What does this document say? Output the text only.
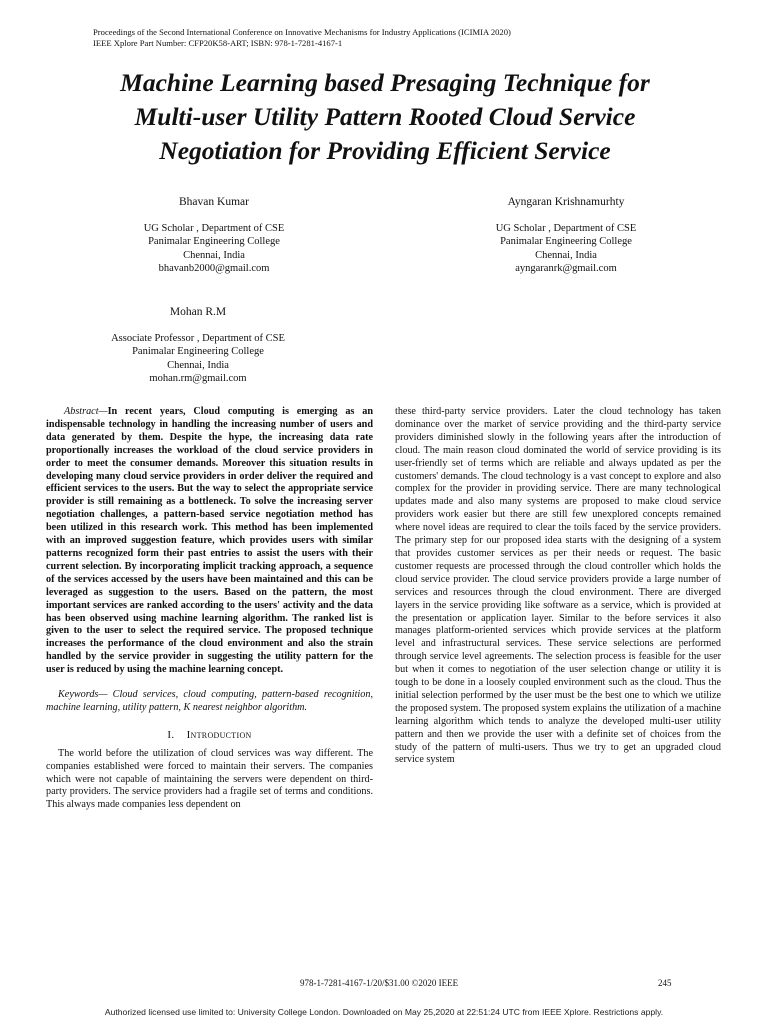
Proceedings of the Second International Conference on Innovative Mechanisms for Industry Applications (ICIMIA 2020)
IEEE Xplore Part Number: CFP20K58-ART; ISBN: 978-1-7281-4167-1
Machine Learning based Presaging Technique for
Multi-user Utility Pattern Rooted Cloud Service
Negotiation for Providing Efficient Service
Bhavan Kumar
UG Scholar , Department of CSE
Panimalar Engineering College
Chennai, India
bhavanb2000@gmail.com
Ayngaran Krishnamurhty
UG Scholar , Department of CSE
Panimalar Engineering College
Chennai, India
ayngaranrk@gmail.com
Mohan R.M
Associate Professor , Department of CSE
Panimalar Engineering College
Chennai, India
mohan.rm@gmail.com

Abstract—In recent years, Cloud computing is emerging as an indispensable technology in handling the increasing number of users and data generated by them. Despite the hype, the increasing data rate proportionally increases the workload of the cloud service providers in order to meet the consumer demands. Moreover this situation results in developing many cloud service providers in order deliver the required and efficient services to the users. But the way to select the appropriate service provider is still remaining as a bottleneck. To solve the increasing server negotiation challenges, a pattern-based service negotiation method has been utilized in this research work. This method has been implemented with an improved suggestion feature, which provides users with similar patterns recognized form their past entries to assist the users with their current selection. By incorporating implicit tracking approach, a sequence of the services accessed by the users have been maintained and this can be leveraged as suggestion to the users. Based on the pattern, the most important services are ranked according to the users' activity and the data has been observed using machine learning algorithm. The ranked list is given to the user to select the required service. The proposed technique increases the performance of the cloud environment and also the strain handled by the service provider in suggesting the utility pattern for the user is reduced by using the machine learning concept.

Keywords— Cloud services, cloud computing, pattern-based recognition, machine learning, utility pattern, K nearest neighbor algorithm.

I. Introduction

The world before the utilization of cloud services was way different. The companies established were forced to maintain their servers. The companies which were not capable of maintaining the servers were dependent on third-party providers. The service providers had a fragile set of terms and conditions. This always made companies less dependent on

these third-party service providers. Later the cloud technology has taken dominance over the market of service providing and the third-party service providers diminished slowly in the following years after the introduction of cloud. The main reason cloud dominated the world of service providing is its user-friendly set of terms which are reliable and always updated as per the customers' demands. The cloud technology is a vast concept to explore and also complex for the provider in providing service. There are many technological updates made and also many systems are proposed to make cloud service providers work easier but there are still few unexplored concepts remained where novel ideas are required to clear the toils faced by the service providers. The primary step for our proposed idea starts with the designing of a system that provides customer services as per their needs or request. The basic customer requests are processed through the cloud controller which holds the cloud service provider. The cloud service providers provide a large number of services and resources through the cloud environment. There are diverged layers in the service providing like software as a service, which is provided at the presentation or application layer. Similar to the before services it also manages platform-oriented services which provide services at the platform level and infrastructural services. These service selections are performed through service level agreements. The selection process is feasible for the user but when it comes to negotiation of the user selection change or utility it is tough to be done in a loosely coupled environment such as the cloud. Thus the initial selection performed by the user must be the best one to which we utilize the proposed system. The proposed system explains the utilization of a machine learning algorithm which tends to analyze the developed multi-user utility pattern and then we provide the user with a definite set of choices from the study of the pattern of multi-users. Thus we try to get an upgraded cloud service system

978-1-7281-4167-1/20/$31.00 ©2020 IEEE	245
Authorized licensed use limited to: University College London. Downloaded on May 25,2020 at 22:51:24 UTC from IEEE Xplore. Restrictions apply.
